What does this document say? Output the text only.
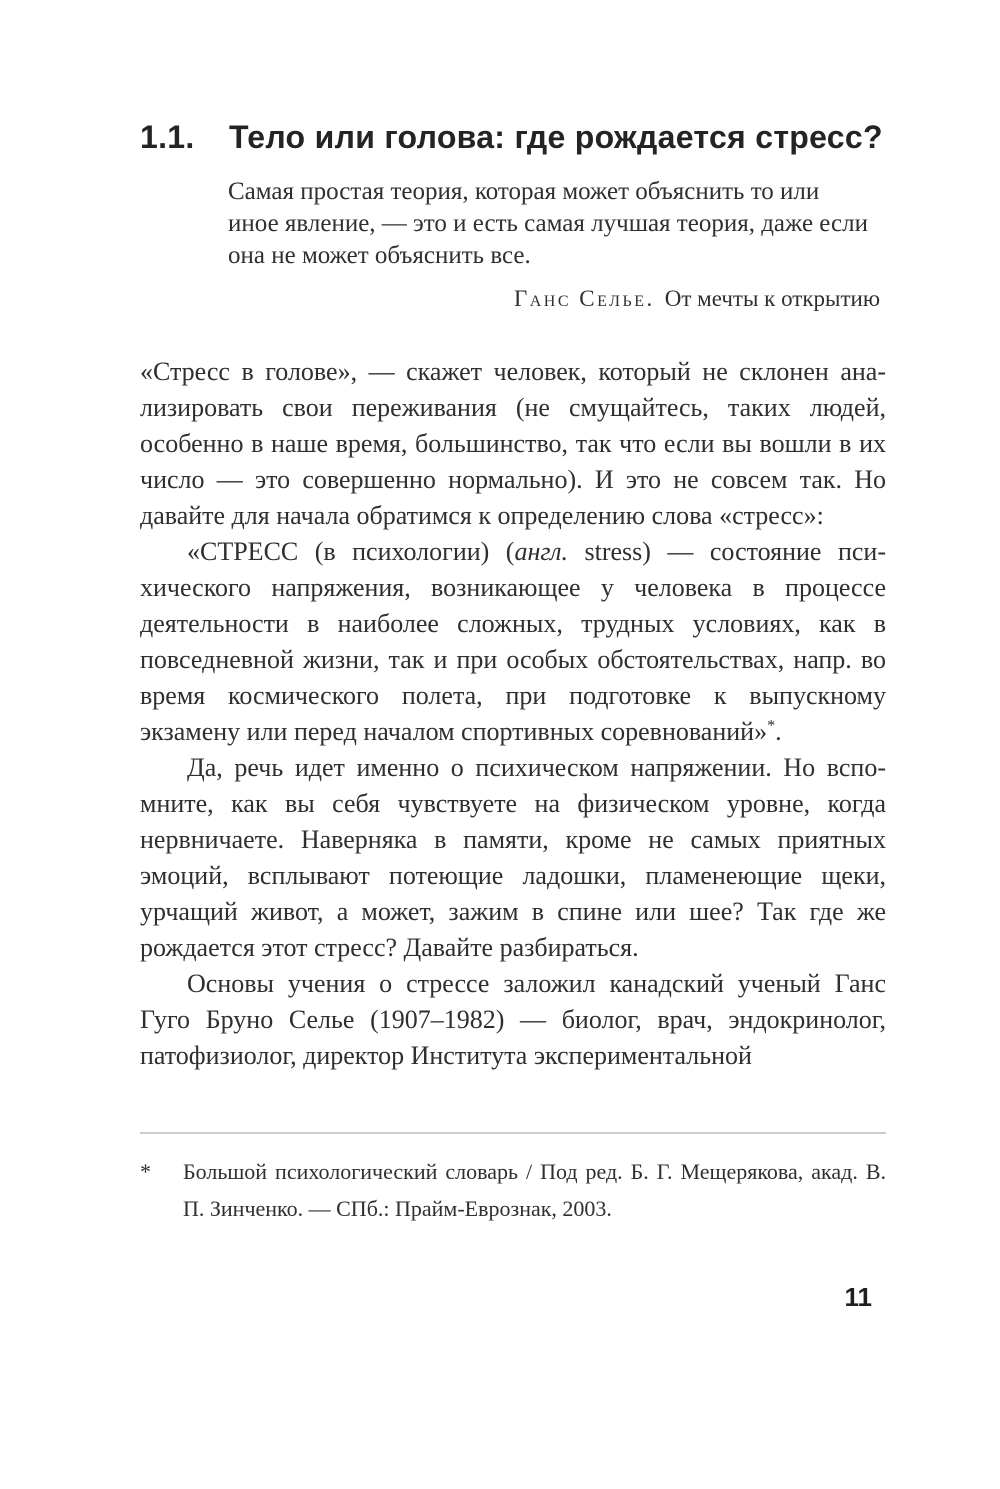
1.1.	Тело или голова: где рождается стресс?

Самая простая теория, которая может объяснить то или иное явление, — это и есть самая лучшая теория, даже если она не может объяснить все.

Ганс Селье. От мечты к открытию

«Стресс в голове», — скажет человек, который не склонен анализировать свои переживания (не смущайтесь, таких людей, особенно в наше время, большинство, так что если вы вошли в их число — это совершенно нормально). И это не совсем так. Но давайте для начала обратимся к определению слова «стресс»:

«СТРЕСС (в психологии) (англ. stress) — состояние психического напряжения, возникающее у человека в процессе деятельности в наиболее сложных, трудных условиях, как в повседневной жизни, так и при особых обстоятельствах, напр. во время космического полета, при подготовке к выпускному экзамену или перед началом спортивных соревнований»*.

Да, речь идет именно о психическом напряжении. Но вспомните, как вы себя чувствуете на физическом уровне, когда нервничаете. Наверняка в памяти, кроме не самых приятных эмоций, всплывают потеющие ладошки, пламенеющие щеки, урчащий живот, а может, зажим в спине или шее? Так где же рождается этот стресс? Давайте разбираться.

Основы учения о стрессе заложил канадский ученый Ганс Гуго Бруно Селье (1907–1982) — биолог, врач, эндокринолог, патофизиолог, директор Института экспериментальной

*	Большой психологический словарь / Под ред. Б. Г. Мещерякова, акад. В. П. Зинченко. — СПб.: Прайм-Еврознак, 2003.

11
